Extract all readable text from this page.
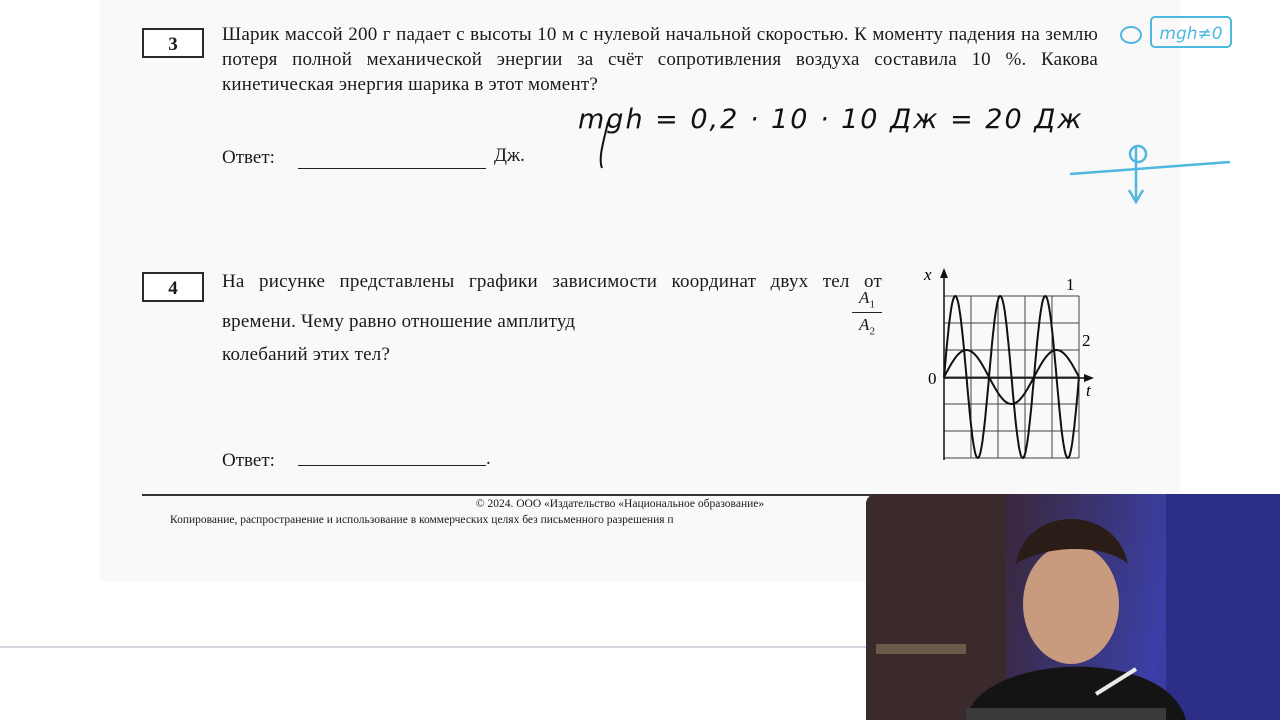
3	Шарик массой 200 г падает с высоты 10 м с нулевой начальной скоростью. К моменту падения на землю потеря полной механической энергии за счёт сопротивления воздуха составила 10 %. Какова кинетическая энергия шарика в этот момент?
Ответ:	Дж.
mgh = 0,2 · 10 · 10 Дж = 20 Дж
mgh≠0
4	На рисунке представлены графики зависимости координат двух тел от времени. Чему равно отношение амплитуд
колебаний этих тел?
$A_1$
$A_2$
Ответ:	.
x
t
0
1
2
© 2024. ООО «Издательство «Национальное образование»
Копирование, распространение и использование в коммерческих целях без письменного разрешения п
